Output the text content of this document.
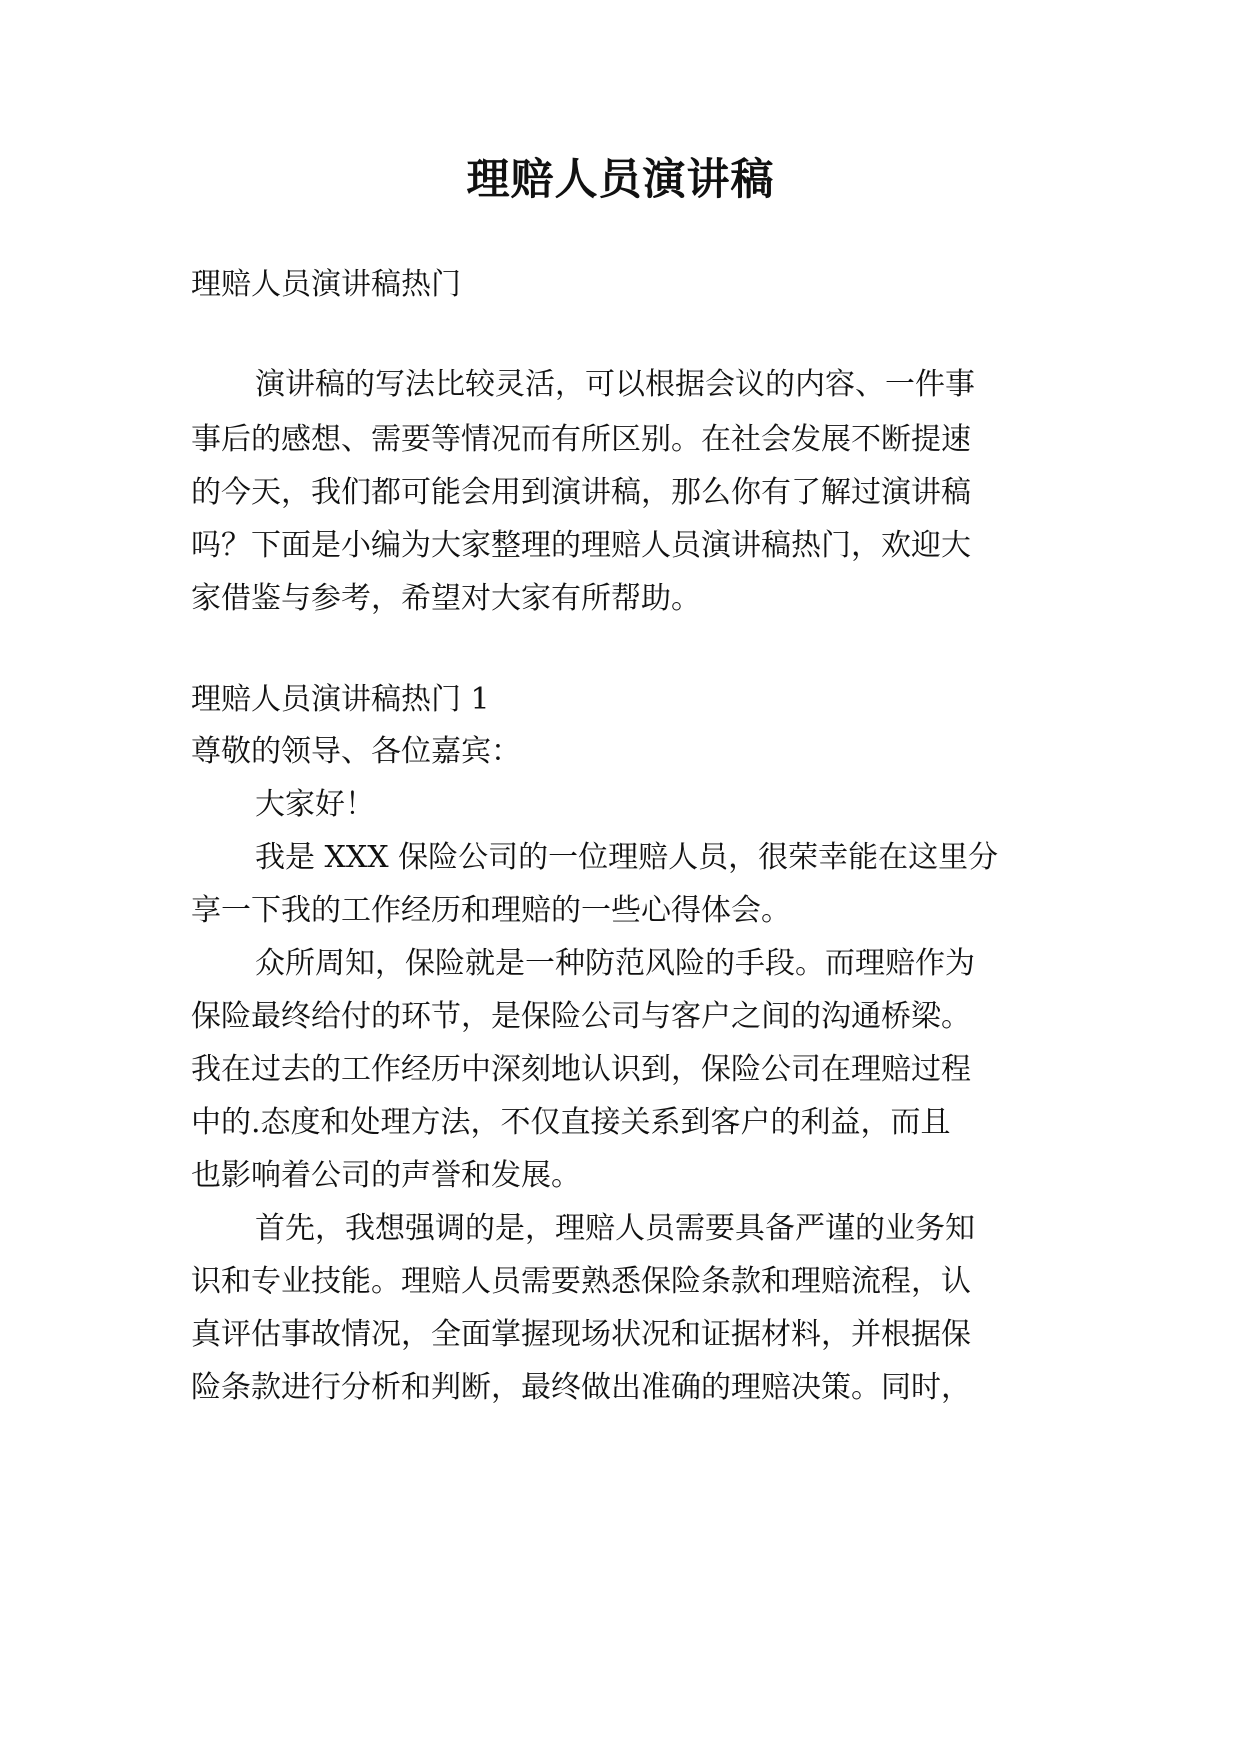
理赔人员演讲稿

理赔人员演讲稿热门

演讲稿的写法比较灵活，可以根据会议的内容、一件事

事后的感想、需要等情况而有所区别。在社会发展不断提速

的今天，我们都可能会用到演讲稿，那么你有了解过演讲稿

吗？下面是小编为大家整理的理赔人员演讲稿热门，欢迎大

家借鉴与参考，希望对大家有所帮助。

理赔人员演讲稿热门 1

尊敬的领导、各位嘉宾：

大家好！

我是 XXX 保险公司的一位理赔人员，很荣幸能在这里分

享一下我的工作经历和理赔的一些心得体会。

众所周知，保险就是一种防范风险的手段。而理赔作为

保险最终给付的环节，是保险公司与客户之间的沟通桥梁。

我在过去的工作经历中深刻地认识到，保险公司在理赔过程

中的.态度和处理方法，不仅直接关系到客户的利益，而且

也影响着公司的声誉和发展。

首先，我想强调的是，理赔人员需要具备严谨的业务知

识和专业技能。理赔人员需要熟悉保险条款和理赔流程，认

真评估事故情况，全面掌握现场状况和证据材料，并根据保

险条款进行分析和判断，最终做出准确的理赔决策。同时，
